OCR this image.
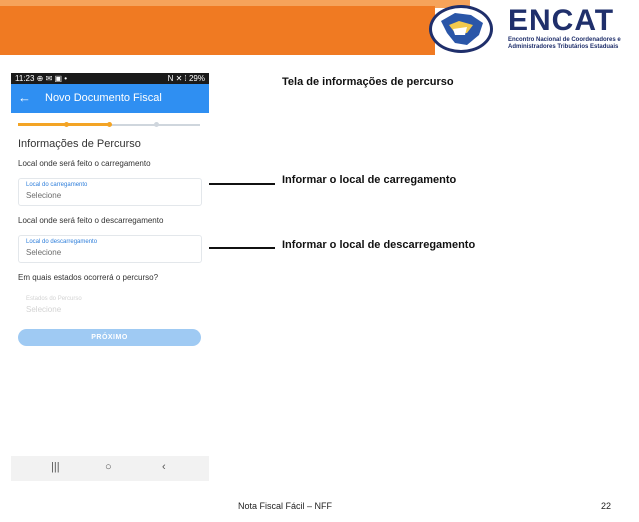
ENCAT
Encontro Nacional de Coordenadores e Administradores Tributários Estaduais
11:23 ⊕ ✉ ▣ •	N ✕ ⁞ 29%
← Novo Documento Fiscal
Informações de Percurso
Local onde será feito o carregamento
Local do carregamento
Selecione
Local onde será feito o descarregamento
Local do descarregamento
Selecione
Em quais estados ocorrerá o percurso?
Estados do Percurso
Selecione
PRÓXIMO
|||	○	‹
Tela de informações de percurso
Informar o local de carregamento
Informar o local de descarregamento
Nota Fiscal Fácil – NFF	22
